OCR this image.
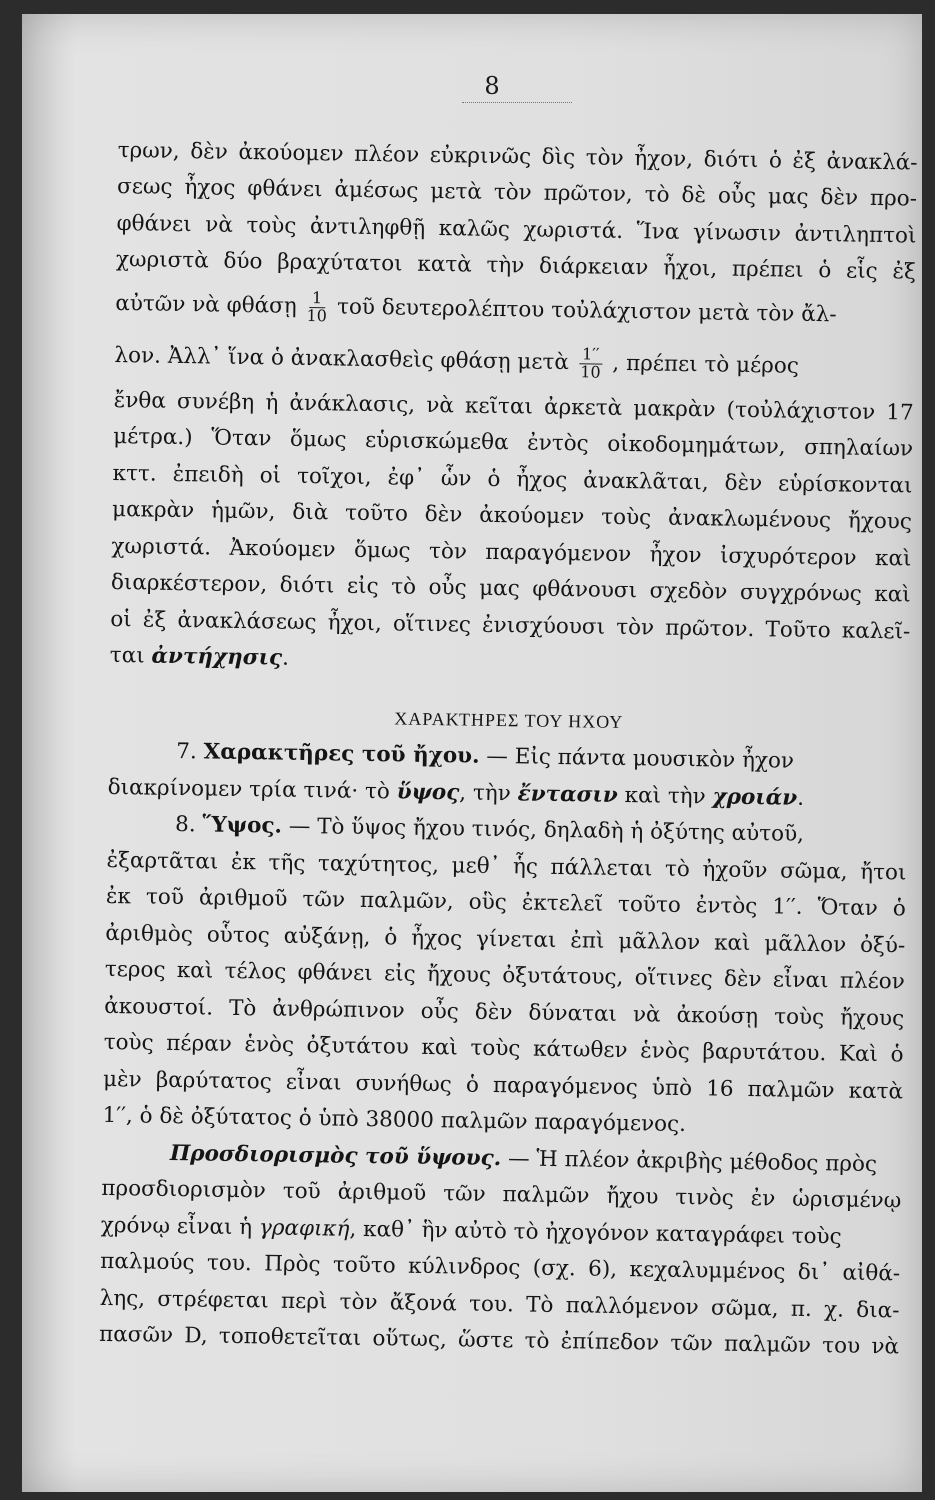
8
τρων, δὲν ἀκούομεν πλέον εὐκρινῶς δὶς τὸν ἦχον, διότι ὁ ἐξ ἀνακλά-
σεως ἦχος φθάνει ἀμέσως μετὰ τὸν πρῶτον, τὸ δὲ οὖς μας δὲν προ-
φθάνει νὰ τοὺς ἀντιληφθῇ καλῶς χωριστά. Ἵνα γίνωσιν ἀντιληπτοὶ
χωριστὰ δύο βραχύτατοι κατὰ τὴν διάρκειαν ἦχοι, πρέπει ὁ εἷς ἐξ
αὐτῶν νὰ φθάσῃ $\frac{1}{10}$ τοῦ δευτερολέπτου τοὐλάχιστον μετὰ τὸν ἄλ-
λον. Ἀλλ᾿ ἵνα ὁ ἀνακλασθεὶς φθάσῃ μετὰ $\frac{1''}{10}$ , πρέπει τὸ μέρος
ἔνθα συνέβη ἡ ἀνάκλασις, νὰ κεῖται ἀρκετὰ μακρὰν (τοὐλάχιστον 17
μέτρα.) Ὅταν ὅμως εὑρισκώμεθα ἐντὸς οἰκοδομημάτων, σπηλαίων
κττ. ἐπειδὴ οἱ τοῖχοι, ἐφ᾿ ὧν ὁ ἦχος ἀνακλᾶται, δὲν εὑρίσκονται
μακρὰν ἡμῶν, διὰ τοῦτο δὲν ἀκούομεν τοὺς ἀνακλωμένους ἤχους
χωριστά. Ἀκούομεν ὅμως τὸν παραγόμενον ἦχον ἰσχυρότερον καὶ
διαρκέστερον, διότι εἰς τὸ οὖς μας φθάνουσι σχεδὸν συγχρόνως καὶ
οἱ ἐξ ἀνακλάσεως ἦχοι, οἵτινες ἐνισχύουσι τὸν πρῶτον. Τοῦτο καλεῖ-
ται
ἀντήχησις .
ΧΑΡΑΚΤΗΡΕΣ ΤΟΥ ΗΧΟΥ
7.
Χαρακτῆρες τοῦ ἤχου.
— Εἰς πάντα μουσικὸν ἦχον
διακρίνομεν τρία τινά· τὸ
ὕψος , τὴν
ἔντασιν
καὶ τὴν
χροιάν .
8.
Ὕψος.
— Τὸ ὕψος ἤχου τινός, δηλαδὴ ἡ ὀξύτης αὐτοῦ,
ἐξαρτᾶται ἐκ τῆς ταχύτητος, μεθ᾿ ἧς πάλλεται τὸ ἠχοῦν σῶμα, ἤτοι
ἐκ τοῦ ἀριθμοῦ τῶν παλμῶν, οὓς ἐκτελεῖ τοῦτο ἐντὸς 1′′. Ὅταν ὁ
ἀριθμὸς οὗτος αὐξάνῃ, ὁ ἦχος γίνεται ἐπὶ μᾶλλον καὶ μᾶλλον ὀξύ-
τερος καὶ τέλος φθάνει εἰς ἤχους ὀξυτάτους, οἵτινες δὲν εἶναι πλέον
ἀκουστοί. Τὸ ἀνθρώπινον οὖς δὲν δύναται νὰ ἀκούσῃ τοὺς ἤχους
τοὺς πέραν ἑνὸς ὀξυτάτου καὶ τοὺς κάτωθεν ἑνὸς βαρυτάτου. Καὶ ὁ
μὲν βαρύτατος εἶναι συνήθως ὁ παραγόμενος ὑπὸ 16 παλμῶν κατὰ
1′′, ὁ δὲ ὀξύτατος ὁ ὑπὸ 38000 παλμῶν παραγόμενος.
Προσδιορισμὸς τοῦ ὕψους.
— Ἡ πλέον ἀκριβὴς μέθοδος πρὸς
προσδιορισμὸν τοῦ ἀριθμοῦ τῶν παλμῶν ἤχου τινὸς ἐν ὡρισμένῳ
χρόνῳ εἶναι ἡ
γραφική , καθ᾿ ἣν αὐτὸ τὸ ἠχογόνον καταγράφει τοὺς
παλμούς του. Πρὸς τοῦτο κύλινδρος (σχ. 6), κεχαλυμμένος δι᾿ αἰθά-
λης, στρέφεται περὶ τὸν ἄξονά του. Τὸ παλλόμενον σῶμα, π. χ. δια-
πασῶν D, τοποθετεῖται οὕτως, ὥστε τὸ ἐπίπεδον τῶν παλμῶν του νὰ
